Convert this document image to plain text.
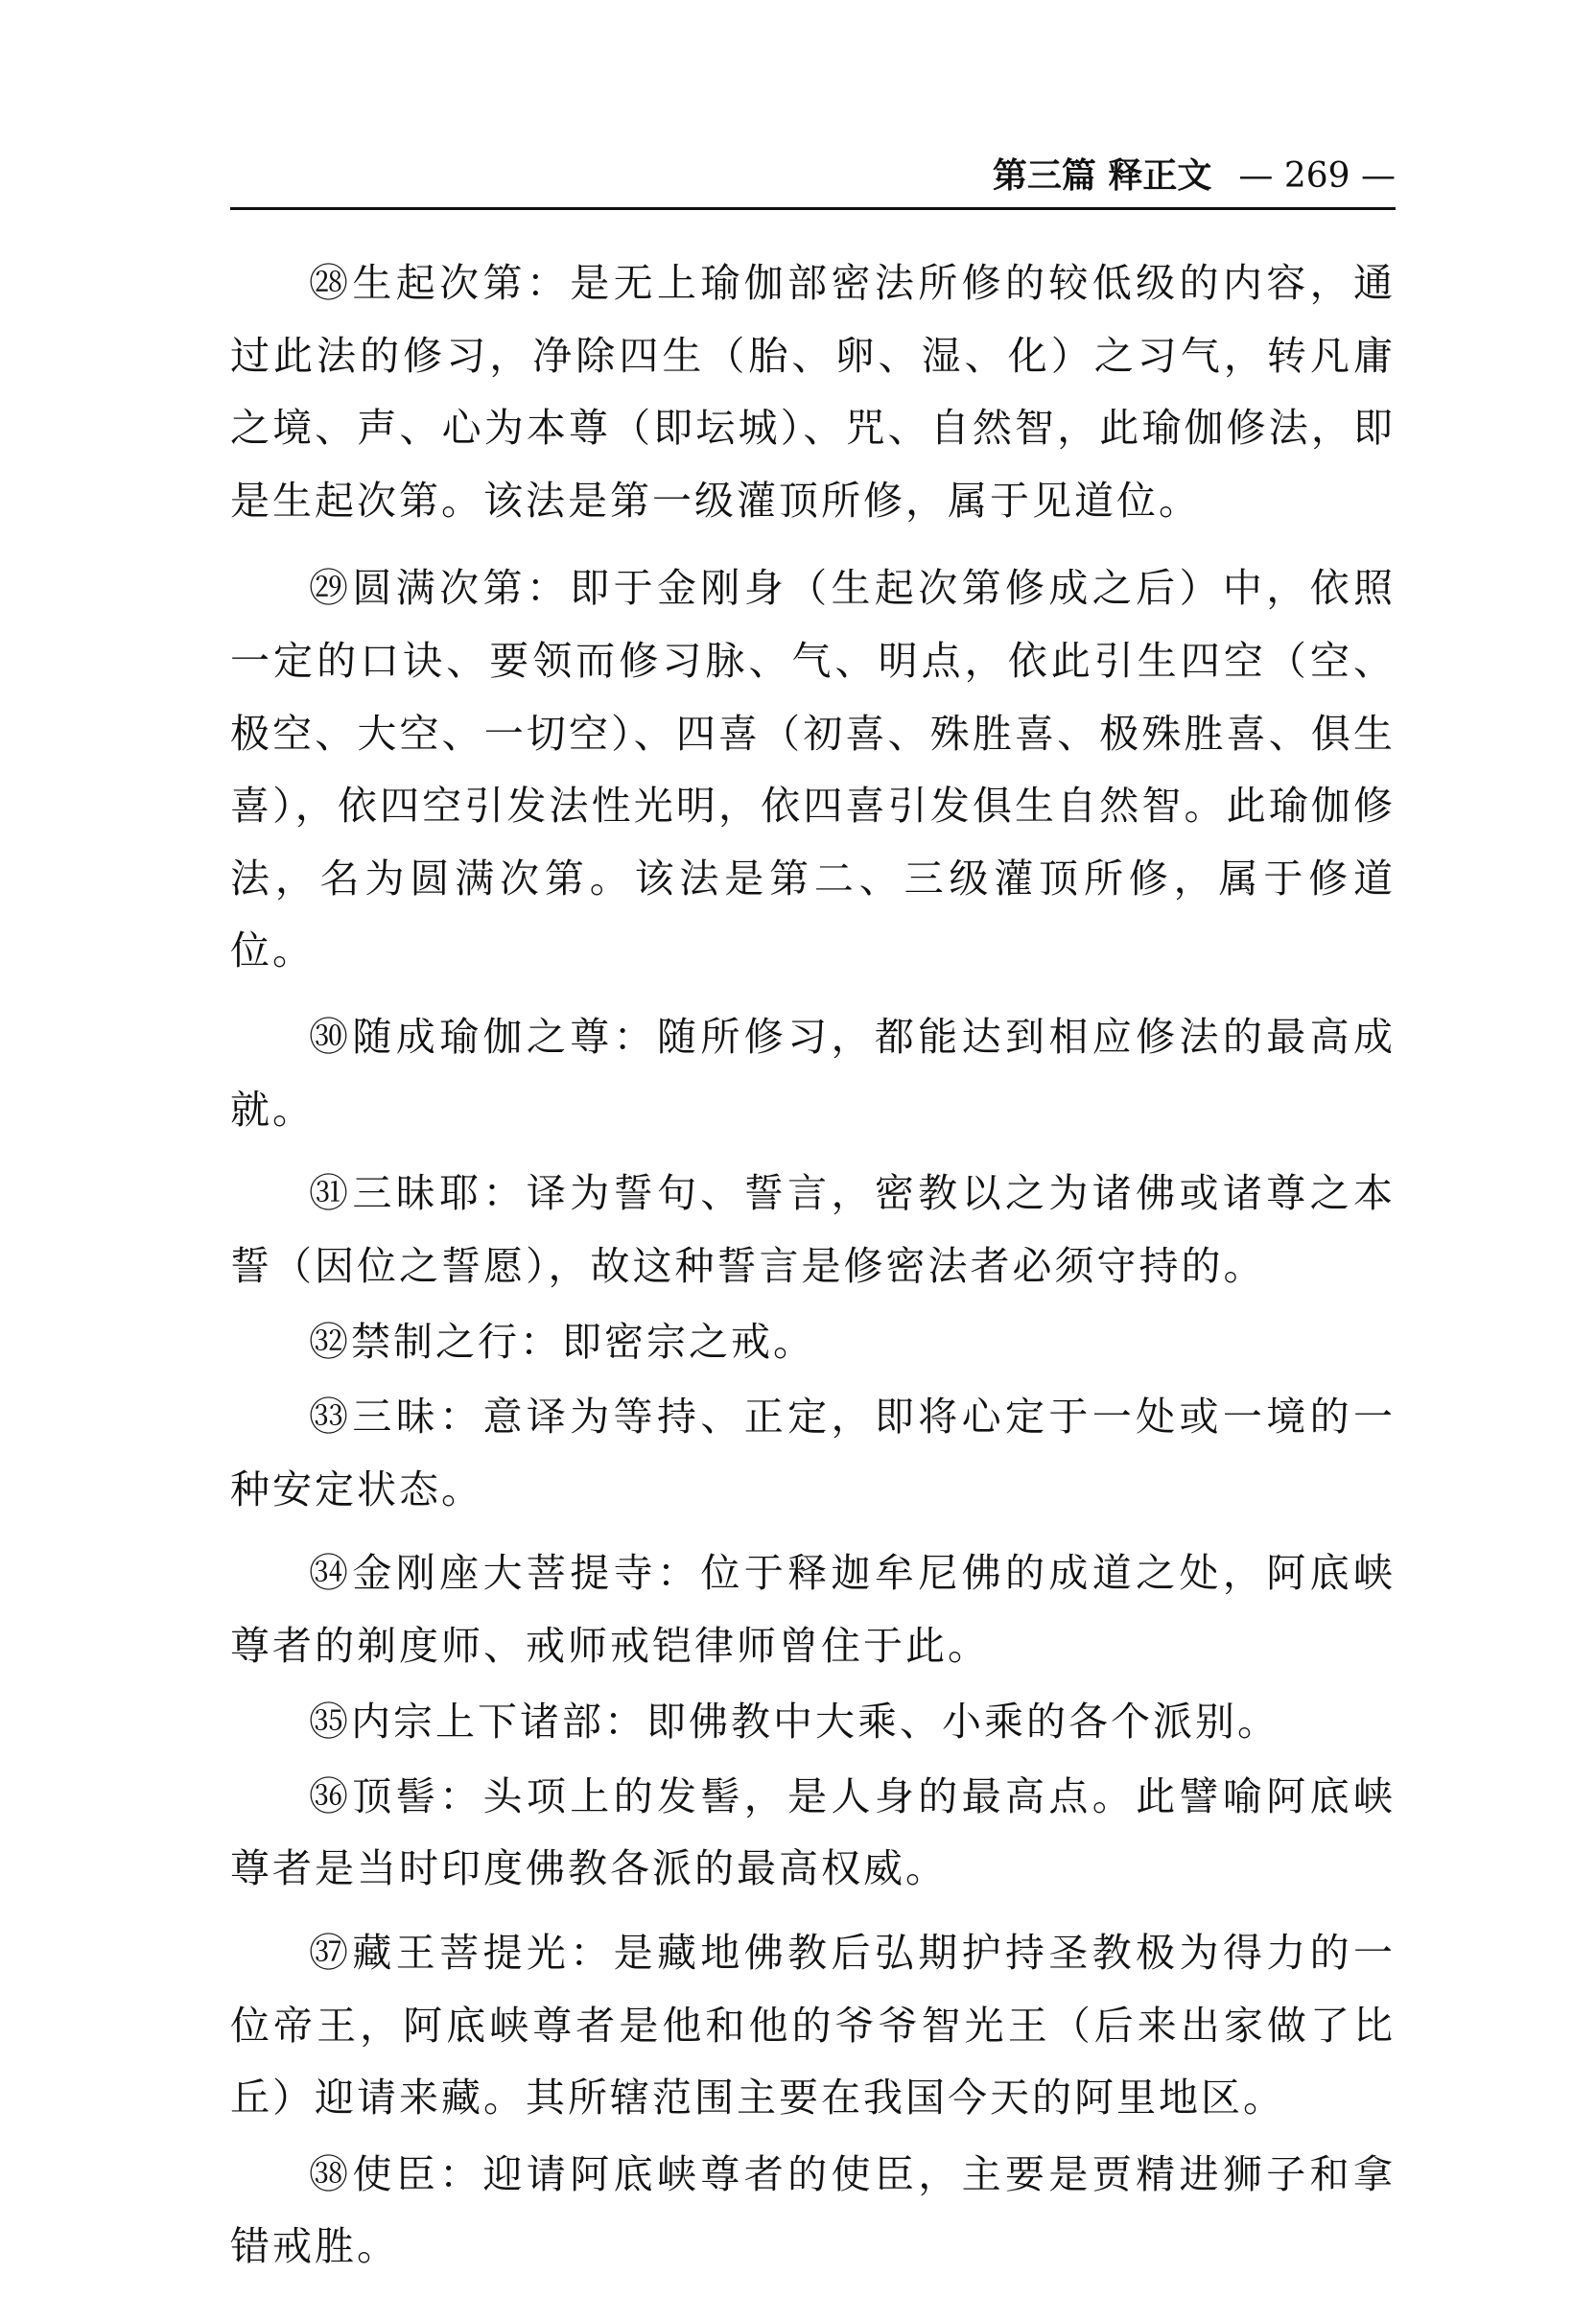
第三篇 释正文 — 269 —

㉘生起次第：是无上瑜伽部密法所修的较低级的内容，通过此法的修习，净除四生（胎、卵、湿、化）之习气，转凡庸之境、声、心为本尊（即坛城）、咒、自然智，此瑜伽修法，即是生起次第。该法是第一级灌顶所修，属于见道位。

㉙圆满次第：即于金刚身（生起次第修成之后）中，依照一定的口诀、要领而修习脉、气、明点，依此引生四空（空、极空、大空、一切空）、四喜（初喜、殊胜喜、极殊胜喜、俱生喜），依四空引发法性光明，依四喜引发俱生自然智。此瑜伽修法，名为圆满次第。该法是第二、三级灌顶所修，属于修道位。

㉚随成瑜伽之尊：随所修习，都能达到相应修法的最高成就。

㉛三昧耶：译为誓句、誓言，密教以之为诸佛或诸尊之本誓（因位之誓愿），故这种誓言是修密法者必须守持的。

㉜禁制之行：即密宗之戒。

㉝三昧：意译为等持、正定，即将心定于一处或一境的一种安定状态。

㉞金刚座大菩提寺：位于释迦牟尼佛的成道之处，阿底峡尊者的剃度师、戒师戒铠律师曾住于此。

㉟内宗上下诸部：即佛教中大乘、小乘的各个派别。

㊱顶髻：头项上的发髻，是人身的最高点。此譬喻阿底峡尊者是当时印度佛教各派的最高权威。

㊲藏王菩提光：是藏地佛教后弘期护持圣教极为得力的一位帝王，阿底峡尊者是他和他的爷爷智光王（后来出家做了比丘）迎请来藏。其所辖范围主要在我国今天的阿里地区。

㊳使臣：迎请阿底峡尊者的使臣，主要是贾精进狮子和拿错戒胜。
